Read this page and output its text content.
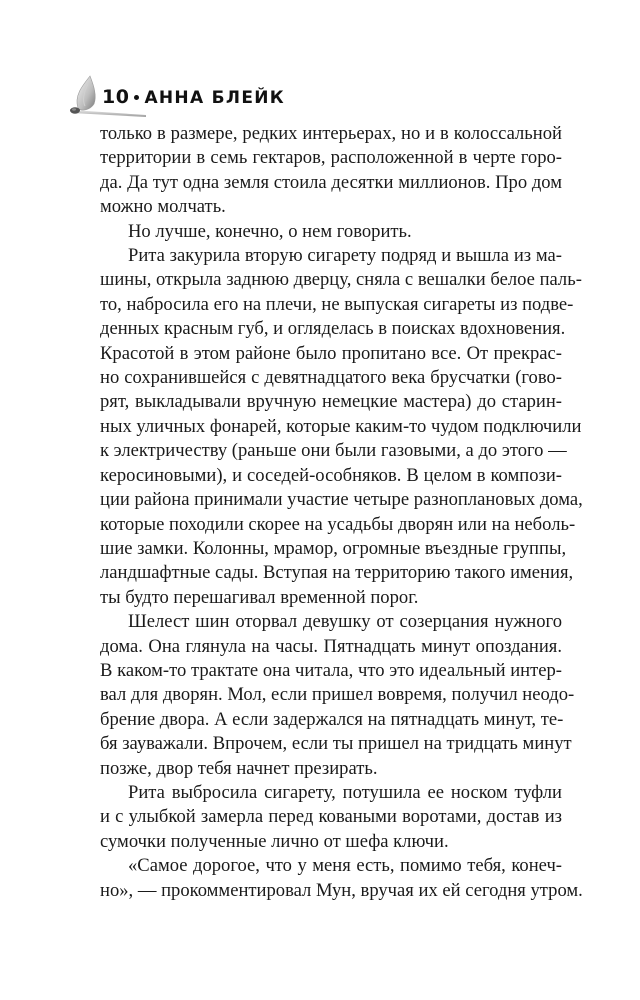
10 АННА БЛЕЙК

только в размере, редких интерьерах, но и в колоссальной
территории в семь гектаров, расположенной в черте горо-
да. Да тут одна земля стоила десятки миллионов. Про дом
можно молчать.

Но лучше, конечно, о нем говорить.

Рита закурила вторую сигарету подряд и вышла из ма-
шины, открыла заднюю дверцу, сняла с вешалки белое паль-
то, набросила его на плечи, не выпуская сигареты из подве-
денных красным губ, и огляделась в поисках вдохновения.
Красотой в этом районе было пропитано все. От прекрас-
но сохранившейся с девятнадцатого века брусчатки (гово-
рят, выкладывали вручную немецкие мастера) до старин-
ных уличных фонарей, которые каким-то чудом подключили
к электричеству (раньше они были газовыми, а до этого —
керосиновыми), и соседей-особняков. В целом в компози-
ции района принимали участие четыре разноплановых дома,
которые походили скорее на усадьбы дворян или на неболь-
шие замки. Колонны, мрамор, огромные въездные группы,
ландшафтные сады. Вступая на территорию такого имения,
ты будто перешагивал временной порог.

Шелест шин оторвал девушку от созерцания нужного
дома. Она глянула на часы. Пятнадцать минут опоздания.
В каком-то трактате она читала, что это идеальный интер-
вал для дворян. Мол, если пришел вовремя, получил неодо-
брение двора. А если задержался на пятнадцать минут, те-
бя зауважали. Впрочем, если ты пришел на тридцать минут
позже, двор тебя начнет презирать.

Рита выбросила сигарету, потушила ее носком туфли
и с улыбкой замерла перед коваными воротами, достав из
сумочки полученные лично от шефа ключи.

«Самое дорогое, что у меня есть, помимо тебя, конеч-
но», — прокомментировал Мун, вручая их ей сегодня утром.
